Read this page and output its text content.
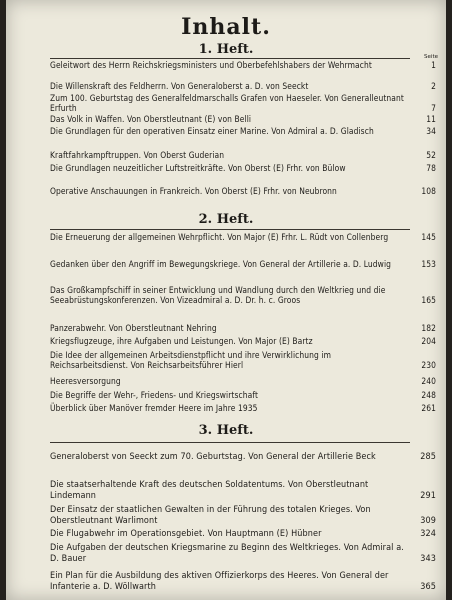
Inhalt.
Seite
1. Heft.
Geleitwort des Herrn Reichskriegsministers und Oberbefehlshabers der Wehrmacht	1
Die Willenskraft des Feldherrn. Von Generaloberst a. D. von Seeckt	2
Zum 100. Geburtstag des Generalfeldmarschalls Grafen von Haeseler. Von Generalleutnant Erfurth	7
Das Volk in Waffen. Von Oberstleutnant (E) von Belli	11
Die Grundlagen für den operativen Einsatz einer Marine. Von Admiral a. D. Gladisch	34
Kraftfahrkampftruppen. Von Oberst Guderian	52
Die Grundlagen neuzeitlicher Luftstreitkräfte. Von Oberst (E) Frhr. von Bülow	78
Operative Anschauungen in Frankreich. Von Oberst (E) Frhr. von Neubronn	108
2. Heft.
Die Erneuerung der allgemeinen Wehrpflicht. Von Major (E) Frhr. L. Rüdt von Collenberg	145
Gedanken über den Angriff im Bewegungskriege. Von General der Artillerie a. D. Ludwig	153
Das Großkampfschiff in seiner Entwicklung und Wandlung durch den Weltkrieg und die Seeabrüstungskonferenzen. Von Vizeadmiral a. D. Dr. h. c. Groos	165
Panzerabwehr. Von Oberstleutnant Nehring	182
Kriegsflugzeuge, ihre Aufgaben und Leistungen. Von Major (E) Bartz	204
Die Idee der allgemeinen Arbeitsdienstpflicht und ihre Verwirklichung im Reichsarbeitsdienst. Von Reichsarbeitsführer Hierl	230
Heeresversorgung	240
Die Begriffe der Wehr-, Friedens- und Kriegswirtschaft	248
Überblick über Manöver fremder Heere im Jahre 1935	261
3. Heft.
Generaloberst von Seeckt zum 70. Geburtstag. Von General der Artillerie Beck	285
Die staatserhaltende Kraft des deutschen Soldatentums. Von Oberstleutnant Lindemann	291
Der Einsatz der staatlichen Gewalten in der Führung des totalen Krieges. Von Oberstleutnant Warlimont	309
Die Flugabwehr im Operationsgebiet. Von Hauptmann (E) Hübner	324
Die Aufgaben der deutschen Kriegsmarine zu Beginn des Weltkrieges. Von Admiral a. D. Bauer	343
Ein Plan für die Ausbildung des aktiven Offizierkorps des Heeres. Von General der Infanterie a. D. Wöllwarth	365
